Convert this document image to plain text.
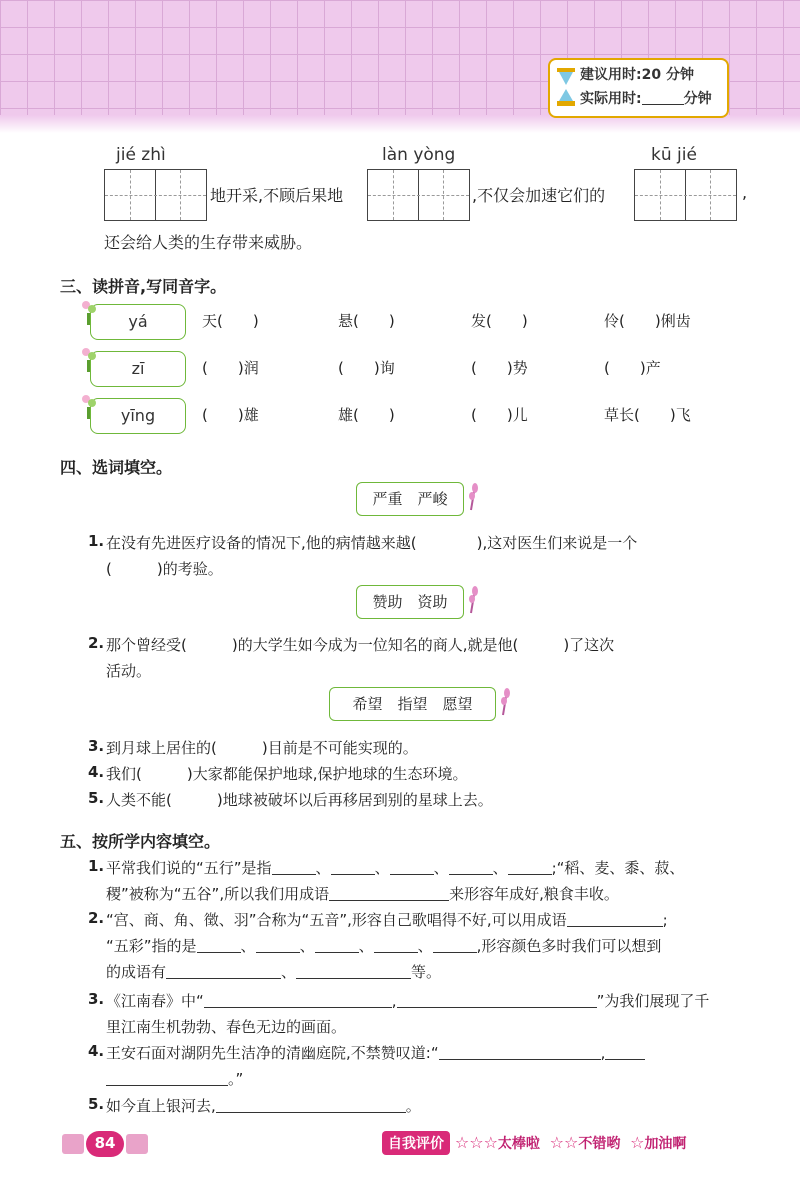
建议用时:20 分钟
实际用时:	分钟
jié zhì
地开采,不顾后果地
làn yòng
,不仅会加速它们的
kū jié
,
还会给人类的生存带来威胁。
三、读拼音,写同音字。
yá	天(　　)	悬(　　)	发(　　)	伶(　　)俐齿
zī	(　　)润	(　　)询	(　　)势	(　　)产
yīng	(　　)雄	雄(　　)	(　　)儿	草长(　　)飞
四、选词填空。
严重　严峻
1. 在没有先进医疗设备的情况下,他的病情越来越(　　　　),这对医生们来说是一个
(　　　)的考验。
赞助　资助
2. 那个曾经受(　　　)的大学生如今成为一位知名的商人,就是他(　　　)了这次
活动。
希望　指望　愿望
3. 到月球上居住的(　　　)目前是不可能实现的。
4. 我们(　　　)大家都能保护地球,保护地球的生态环境。
5. 人类不能(　　　)地球被破坏以后再移居到别的星球上去。
五、按所学内容填空。
1. 平常我们说的“五行”是指	、	、	、	、	;“稻、麦、黍、菽、
稷”被称为“五谷”,所以我们用成语	来形容年成好,粮食丰收。
2. “宫、商、角、徵、羽”合称为“五音”,形容自己歌唱得不好,可以用成语	;
“五彩”指的是	、	、	、	、	,形容颜色多时我们可以想到
的成语有	、	等。
3. 《江南春》中“	,	”为我们展现了千
里江南生机勃勃、春色无边的画面。
4. 王安石面对湖阴先生洁净的清幽庭院,不禁赞叹道:“	,
。”
5. 如今直上银河去,	。
84	自我评价 ☆☆☆太棒啦 ☆☆不错哟 ☆加油啊
